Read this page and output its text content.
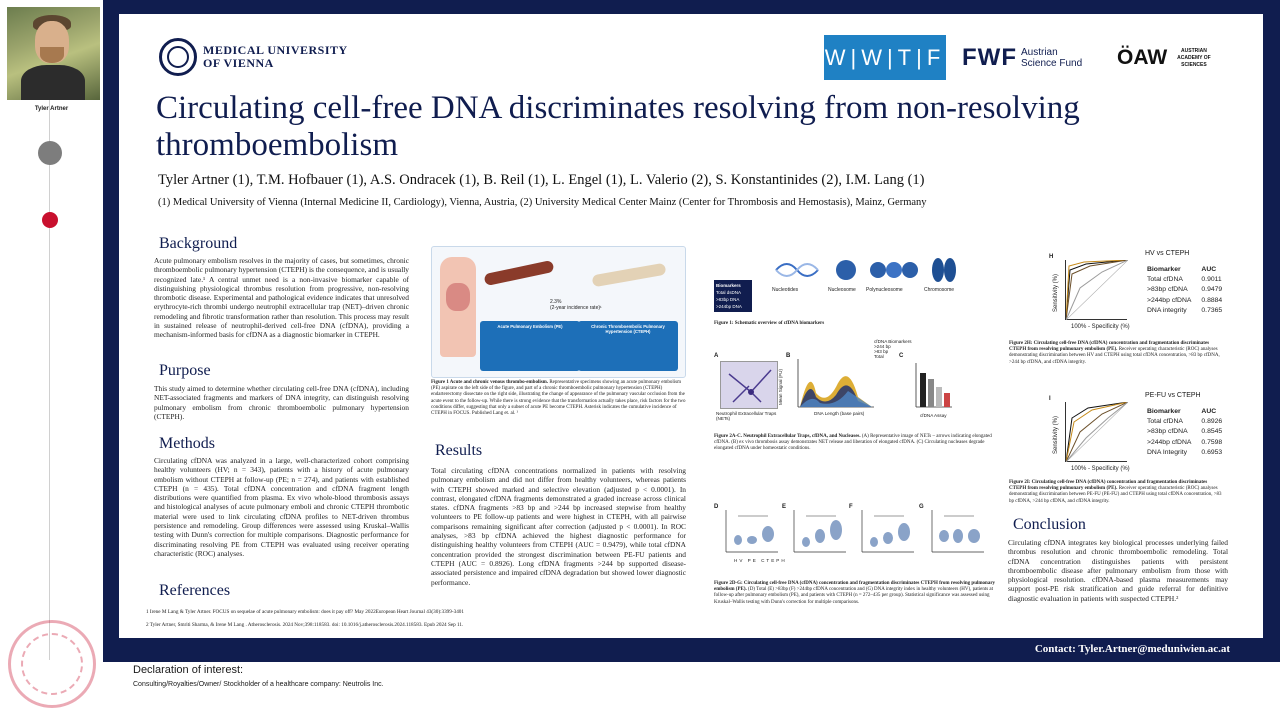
Tyler Artner
MEDICAL UNIVERSITY
OF VIENNA	W|W|T|F FWF Austrian
Science Fund ÖAW	AUSTRIAN
ACADEMY OF
SCIENCES
Circulating cell-free DNA discriminates resolving from non-resolving thromboembolism
Tyler Artner (1), T.M. Hofbauer (1), A.S. Ondracek (1), B. Reil (1), L. Engel (1), L. Valerio (2), S. Konstantinides (2), I.M. Lang (1)
(1) Medical University of Vienna (Internal Medicine II, Cardiology), Vienna, Austria, (2) University Medical Center Mainz (Center for Thrombosis and Hemostasis), Mainz, Germany
Background
Acute pulmonary embolism resolves in the majority of cases, but sometimes, chronic thromboembolic pulmonary hypertension (CTEPH) is the consequence, and is usually recognized late.¹ A central unmet need is a non-invasive biomarker capable of distinguishing physiological thrombus resolution from progressive, non-resolving thrombotic disease. Experimental and pathological evidence indicates that unresolved erythrocyte-rich thrombi undergo neutrophil extracellular trap (NET)–driven chronic remodeling and fibrotic transformation rather than resolution. This process may result in sustained release of neutrophil-derived cell-free DNA (cfDNA), providing a mechanism-informed basis for cfDNA as a diagnostic biomarker in CTEPH.
Purpose
This study aimed to determine whether circulating cell-free DNA (cfDNA), including NET-associated fragments and markers of DNA integrity, can distinguish resolving pulmonary embolism from chronic thromboembolic pulmonary hypertension (CTEPH).
Methods
Circulating cfDNA was analyzed in a large, well-characterized cohort comprising healthy volunteers (HV; n = 343), patients with a history of acute pulmonary embolism without CTEPH at follow-up (PE; n = 274), and patients with established CTEPH (n = 435). Total cfDNA concentration and cfDNA fragment length distributions were quantified from plasma. Ex vivo whole-blood thrombosis assays and histological analyses of acute pulmonary emboli and chronic CTEPH thrombotic material were used to link circulating cfDNA profiles to NET-driven thrombus persistence and remodeling. Group differences were assessed using Kruskal–Wallis testing with Dunn's correction for multiple comparisons. Diagnostic performance for discriminating resolving PE from CTEPH was evaluated using receiver operating characteristic (ROC) analyses.
References
1 Irene M Lang & Tyler Artner. FOCUS on sequelae of acute pulmonary embolism: does it pay off? May 2022European Heart Journal 43(30):3399-3401
2 Tyler Artner, Smriti Sharma, & Irene M Lang . Atherosclerosis. 2024 Nov;398:118583. doi: 10.1016/j.atherosclerosis.2024.118583. Epub 2024 Sep 11.
2.3%
(2-year incidence rate)¹
Acute Pulmonary Embolism (PE)	Chronic Thromboembolic Pulmonary Hypertension (CTEPH)
Figure 1 Acute and chronic venous thrombo-embolism. Representative specimens showing an acute pulmonary embolism (PE) aspirate on the left side of the figure, and part of a chronic thromboembolic pulmonary hypertension (CTEPH) endarterectomy dissectate on the right side, illustrating the change of appearance of the pulmonary vascular occlusion from the acute event to the follow-up. While there is strong evidence that the transformation actually takes place, risk factors for the two conditions differ, suggesting that only a subset of acute PE become CTEPH. Asterisk indicates the cumulative incidence of CTEPH in FOCUS. Published Lang et. al. ¹
Results
Total circulating cfDNA concentrations normalized in patients with resolving pulmonary embolism and did not differ from healthy volunteers, whereas patients with CTEPH showed marked and selective elevation (adjusted p < 0.0001). In contrast, elongated cfDNA fragments demonstrated a graded increase across clinical states. cfDNA fragments >83 bp and >244 bp increased stepwise from healthy volunteers to PE follow-up patients and were highest in CTEPH, with all pairwise comparisons remaining significant after correction (adjusted p < 0.0001). In ROC analyses, >83 bp cfDNA achieved the highest diagnostic performance for distinguishing healthy volunteers from CTEPH (AUC = 0.9479), while total cfDNA concentration provided the strongest discrimination between PE-FU patients and CTEPH (AUC = 0.8926). Long cfDNA fragments >244 bp supported disease-associated persistence and impaired cfDNA degradation but showed lower diagnostic performance.
Nucleotides	Nucleosome Polynucleosome	Chromosome
Biomarkers
Total dsDNA
>83bp DNA
>244bp DNA
Figure 1: Schematic overview of cfDNA biomarkers
A
Neutrophil Extracellular Traps (NETs)
B
Mean Signal (FU)
DNA Length (base pairs)
cfDNA Biomarkers
>244 bp
>83 bp
Total	C
cfDNA Assay
Figure 2A-C. Neutrophil Extracellular Traps, cfDNA, and Nucleases. (A) Representative image of NETs – arrows indicating elongated cfDNA. (B) ex vivo thrombosis assay demonstrates NET release and liberation of elongated cfDNA. (C) Circulating nucleases degrade elongated cfDNA under homeostatic conditions.
D	E	F	G
HV PE CTEPH
Figure 2D-G: Circulating cell-free DNA (cfDNA) concentration and fragmentation discriminates CTEPH from resolving pulmonary embolism (PE). (D) Total (E) >83bp (F) >244bp cfDNA concentration and (G) DNA integrity index in healthy volunteers (HV), patients at follow-up after pulmonary embolism (PE), and patients with CTEPH (n = 272–435 per group). Statistical significance was assessed using Kruskal–Wallis testing with Dunn's correction for multiple comparisons.
H
Sensitivity (%)
100% - Specificity (%)
HV vs CTEPH
Biomarker	AUC
Total cfDNA	0.9011
>83bp cfDNA	0.9479
>244bp cfDNA	0.8884
DNA integrity	0.7365
Figure 2H: Circulating cell-free DNA (cfDNA) concentration and fragmentation discriminates CTEPH from resolving pulmonary embolism (PE). Receiver operating characteristic (ROC) analyses demonstrating discrimination between HV and CTEPH using total cfDNA concentration, >83 bp cfDNA, >244 bp cfDNA, and cfDNA integrity.
I
Sensitivity (%)
100% - Specificity (%)
PE-FU vs CTEPH
Biomarker	AUC
Total cfDNA	0.8926
>83bp cfDNA	0.8545
>244bp cfDNA	0.7598
DNA Integrity	0.6953
Figure 2I: Circulating cell-free DNA (cfDNA) concentration and fragmentation discriminates CTEPH from resolving pulmonary embolism (PE). Receiver operating characteristic (ROC) analyses demonstrating discrimination between PE-FU (PE-FU) and CTEPH using total cfDNA concentration, >83 bp cfDNA, >244 bp cfDNA, and cfDNA integrity.
Conclusion
Circulating cfDNA integrates key biological processes underlying failed thrombus resolution and chronic thromboembolic remodeling. Total cfDNA concentration distinguishes patients with persistent thromboembolic disease after pulmonary embolism from those with physiological resolution. cfDNA-based plasma measurements may support post-PE risk stratification and guide referral for definitive diagnostic evaluation in patients with suspected CTEPH.²
Contact: Tyler.Artner@meduniwien.ac.at
Declaration of interest:
Consulting/Royalties/Owner/ Stockholder of a healthcare company: Neutrolis Inc.
